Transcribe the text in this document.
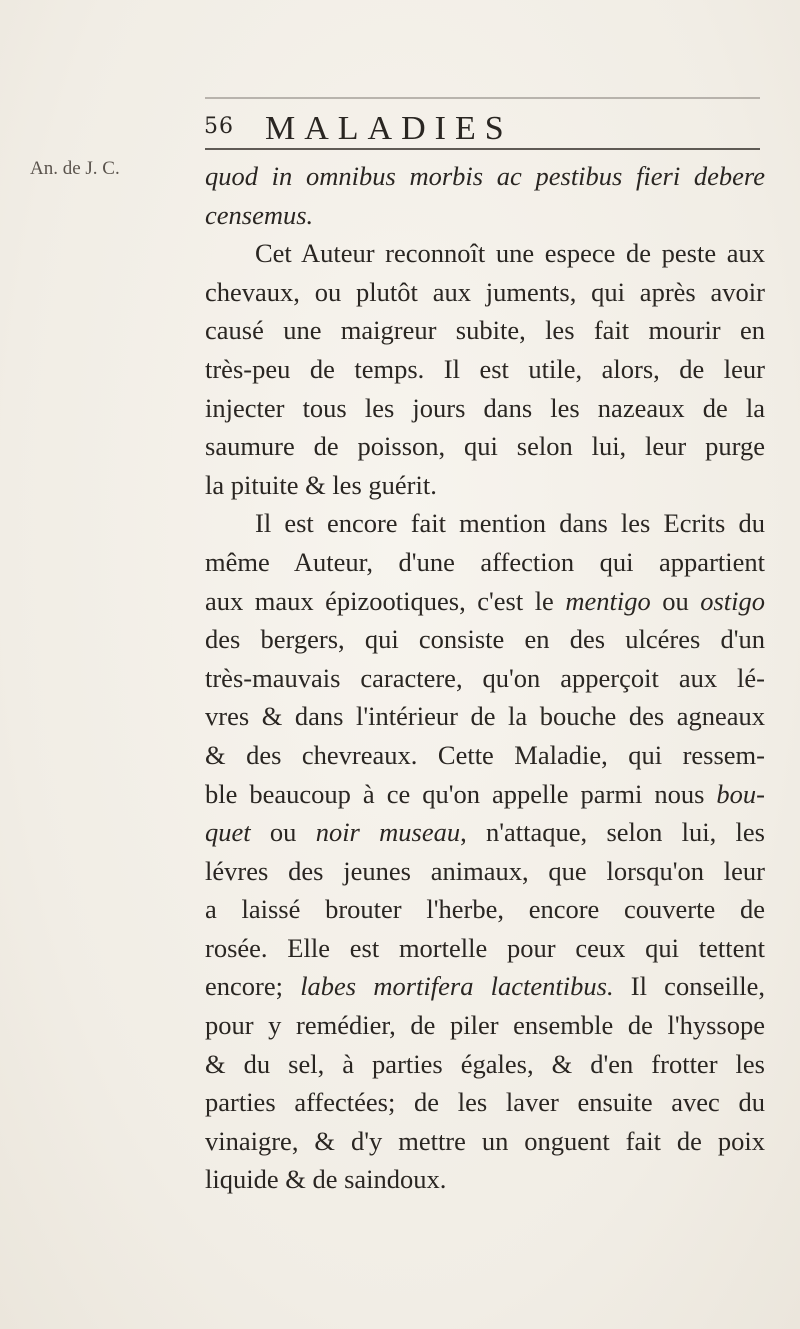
56 MALADIES
An. de J. C.	quod in omnibus morbis ac pestibus fieri debere
censemus.
Cet Auteur reconnoît une espece de peste aux
chevaux, ou plutôt aux juments, qui après avoir
causé une maigreur subite, les fait mourir en
très-peu de temps. Il est utile, alors, de leur
injecter tous les jours dans les nazeaux de la
saumure de poisson, qui selon lui, leur purge
la pituite & les guérit.
Il est encore fait mention dans les Ecrits du
même Auteur, d'une affection qui appartient
aux maux épizootiques, c'est le mentigo ou ostigo
des bergers, qui consiste en des ulcéres d'un
très-mauvais caractere, qu'on apperçoit aux lé-
vres & dans l'intérieur de la bouche des agneaux
& des chevreaux. Cette Maladie, qui ressem-
ble beaucoup à ce qu'on appelle parmi nous bou-
quet ou noir museau, n'attaque, selon lui, les
lévres des jeunes animaux, que lorsqu'on leur
a laissé brouter l'herbe, encore couverte de
rosée. Elle est mortelle pour ceux qui tettent
encore; labes mortifera lactentibus. Il conseille,
pour y remédier, de piler ensemble de l'hyssope
& du sel, à parties égales, & d'en frotter les
parties affectées; de les laver ensuite avec du
vinaigre, & d'y mettre un onguent fait de poix
liquide & de saindoux.
